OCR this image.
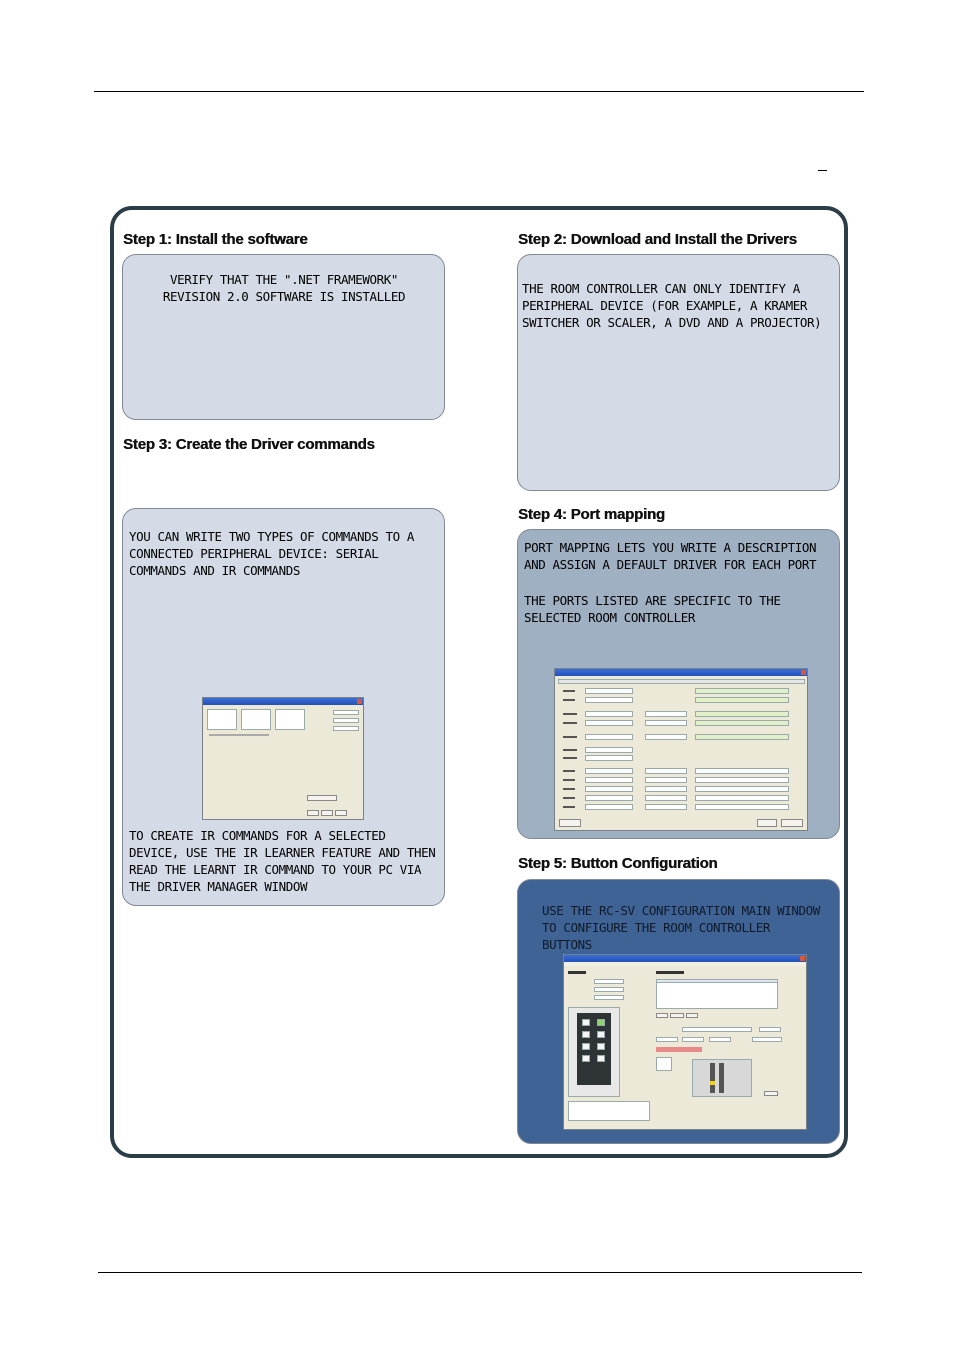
Step 1: Install the software
VERIFY THAT THE ".NET FRAMEWORK" REVISION 2.0 SOFTWARE IS INSTALLED
Step 2: Download and Install the Drivers
THE ROOM CONTROLLER CAN ONLY IDENTIFY A PERIPHERAL DEVICE (FOR EXAMPLE, A KRAMER SWITCHER OR SCALER, A DVD AND A PROJECTOR)
Step 3: Create the Driver commands
YOU CAN WRITE TWO TYPES OF COMMANDS TO A CONNECTED PERIPHERAL DEVICE: SERIAL COMMANDS AND IR COMMANDS
TO CREATE IR COMMANDS FOR A SELECTED DEVICE, USE THE IR LEARNER FEATURE AND THEN READ THE LEARNT IR COMMAND TO YOUR PC VIA THE DRIVER MANAGER WINDOW
Step 4: Port mapping
PORT MAPPING LETS YOU WRITE A DESCRIPTION AND ASSIGN A DEFAULT DRIVER FOR EACH PORT
THE PORTS LISTED ARE SPECIFIC TO THE SELECTED ROOM CONTROLLER
Step 5: Button Configuration
USE THE RC-SV CONFIGURATION MAIN WINDOW TO CONFIGURE THE ROOM CONTROLLER BUTTONS
